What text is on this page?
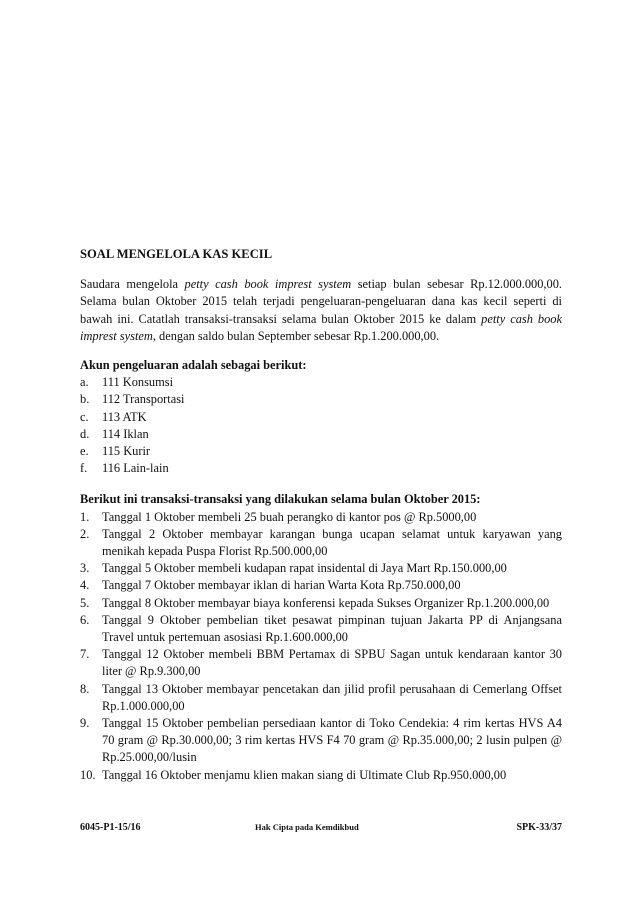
SOAL MENGELOLA KAS KECIL

Saudara mengelola petty cash book imprest system setiap bulan sebesar Rp.12.000.000,00. Selama bulan Oktober 2015 telah terjadi pengeluaran-pengeluaran dana kas kecil seperti di bawah ini. Catatlah transaksi-transaksi selama bulan Oktober 2015 ke dalam petty cash book imprest system, dengan saldo bulan September sebesar Rp.1.200.000,00.

Akun pengeluaran adalah sebagai berikut:

a.	111 Konsumsi
b.	112 Transportasi
c.	113 ATK
d.	114 Iklan
e.	115 Kurir
f.	116 Lain-lain

Berikut ini transaksi-transaksi yang dilakukan selama bulan Oktober 2015:

1.	Tanggal 1 Oktober membeli 25 buah perangko di kantor pos @ Rp.5000,00
2.	Tanggal 2 Oktober membayar karangan bunga ucapan selamat untuk karyawan yang menikah kepada Puspa Florist Rp.500.000,00
3.	Tanggal 5 Oktober membeli kudapan rapat insidental di Jaya Mart Rp.150.000,00
4.	Tanggal 7 Oktober membayar iklan di harian Warta Kota Rp.750.000,00
5.	Tanggal 8 Oktober membayar biaya konferensi kepada Sukses Organizer Rp.1.200.000,00
6.	Tanggal 9 Oktober pembelian tiket pesawat pimpinan tujuan Jakarta PP di Anjangsana Travel untuk pertemuan asosiasi Rp.1.600.000,00
7.	Tanggal 12 Oktober membeli BBM Pertamax di SPBU Sagan untuk kendaraan kantor 30 liter @ Rp.9.300,00
8.	Tanggal 13 Oktober membayar pencetakan dan jilid profil perusahaan di Cemerlang Offset Rp.1.000.000,00
9.	Tanggal 15 Oktober pembelian persediaan kantor di Toko Cendekia: 4 rim kertas HVS A4 70 gram @ Rp.30.000,00; 3 rim kertas HVS F4 70 gram @ Rp.35.000,00; 2 lusin pulpen @ Rp.25.000,00/lusin
10. Tanggal 16 Oktober menjamu klien makan siang di Ultimate Club Rp.950.000,00
6045-P1-15/16	Hak Cipta pada Kemdikbud	SPK-33/37
